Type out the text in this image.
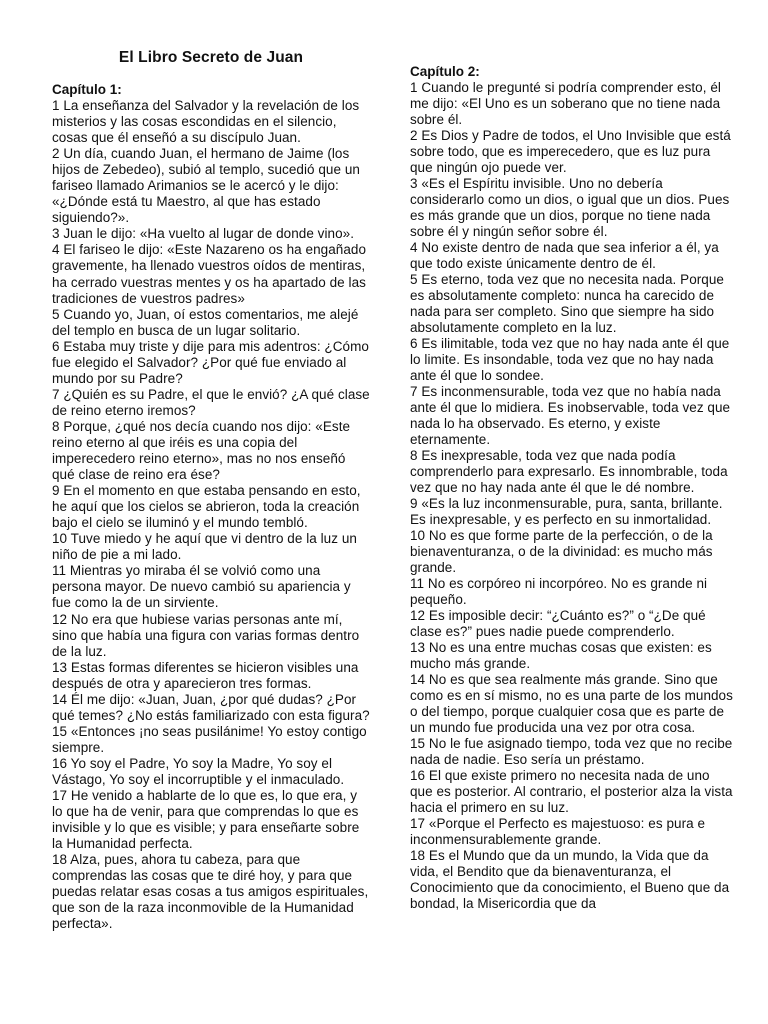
El Libro Secreto de Juan

Capítulo 1:

1 La enseñanza del Salvador y la revelación de los misterios y las cosas escondidas en el silencio, cosas que él enseñó a su discípulo Juan.

2 Un día, cuando Juan, el hermano de Jaime (los hijos de Zebedeo), subió al templo, sucedió que un fariseo llamado Arimanios se le acercó y le dijo: «¿Dónde está tu Maestro, al que has estado siguiendo?».

3 Juan le dijo: «Ha vuelto al lugar de donde vino».

4 El fariseo le dijo: «Este Nazareno os ha engañado gravemente, ha llenado vuestros oídos de mentiras, ha cerrado vuestras mentes y os ha apartado de las tradiciones de vuestros padres»

5 Cuando yo, Juan, oí estos comentarios, me alejé del templo en busca de un lugar solitario.

6 Estaba muy triste y dije para mis adentros: ¿Cómo fue elegido el Salvador? ¿Por qué fue enviado al mundo por su Padre?

7 ¿Quién es su Padre, el que le envió? ¿A qué clase de reino eterno iremos?

8 Porque, ¿qué nos decía cuando nos dijo: «Este reino eterno al que iréis es una copia del imperecedero reino eterno», mas no nos enseñó qué clase de reino era ése?

9 En el momento en que estaba pensando en esto, he aquí que los cielos se abrieron, toda la creación bajo el cielo se iluminó y el mundo tembló.

10 Tuve miedo y he aquí que vi dentro de la luz un niño de pie a mi lado.

11 Mientras yo miraba él se volvió como una persona mayor. De nuevo cambió su apariencia y fue como la de un sirviente.

12 No era que hubiese varias personas ante mí, sino que había una figura con varias formas dentro de la luz.

13 Estas formas diferentes se hicieron visibles una después de otra y aparecieron tres formas.

14 Él me dijo: «Juan, Juan, ¿por qué dudas? ¿Por qué temes? ¿No estás familiarizado con esta figura?

15 «Entonces ¡no seas pusilánime! Yo estoy contigo siempre.

16 Yo soy el Padre, Yo soy la Madre, Yo soy el Vástago, Yo soy el incorruptible y el inmaculado.

17 He venido a hablarte de lo que es, lo que era, y lo que ha de venir, para que comprendas lo que es invisible y lo que es visible; y para enseñarte sobre la Humanidad perfecta.

18 Alza, pues, ahora tu cabeza, para que comprendas las cosas que te diré hoy, y para que puedas relatar esas cosas a tus amigos espirituales, que son de la raza inconmovible de la Humanidad perfecta».

Capítulo 2:

1 Cuando le pregunté si podría comprender esto, él me dijo: «El Uno es un soberano que no tiene nada sobre él.

2 Es Dios y Padre de todos, el Uno Invisible que está sobre todo, que es imperecedero, que es luz pura que ningún ojo puede ver.

3 «Es el Espíritu invisible. Uno no debería considerarlo como un dios, o igual que un dios. Pues es más grande que un dios, porque no tiene nada sobre él y ningún señor sobre él.

4 No existe dentro de nada que sea inferior a él, ya que todo existe únicamente dentro de él.

5 Es eterno, toda vez que no necesita nada. Porque es absolutamente completo: nunca ha carecido de nada para ser completo. Sino que siempre ha sido absolutamente completo en la luz.

6 Es ilimitable, toda vez que no hay nada ante él que lo limite. Es insondable, toda vez que no hay nada ante él que lo sondee.

7 Es inconmensurable, toda vez que no había nada ante él que lo midiera. Es inobservable, toda vez que nada lo ha observado. Es eterno, y existe eternamente.

8 Es inexpresable, toda vez que nada podía comprenderlo para expresarlo. Es innombrable, toda vez que no hay nada ante él que le dé nombre.

9 «Es la luz inconmensurable, pura, santa, brillante. Es inexpresable, y es perfecto en su inmortalidad.

10 No es que forme parte de la perfección, o de la bienaventuranza, o de la divinidad: es mucho más grande.

11 No es corpóreo ni incorpóreo. No es grande ni pequeño.

12 Es imposible decir: “¿Cuánto es?” o “¿De qué clase es?” pues nadie puede comprenderlo.

13 No es una entre muchas cosas que existen: es mucho más grande.

14 No es que sea realmente más grande. Sino que como es en sí mismo, no es una parte de los mundos o del tiempo, porque cualquier cosa que es parte de un mundo fue producida una vez por otra cosa.

15 No le fue asignado tiempo, toda vez que no recibe nada de nadie. Eso sería un préstamo.

16 El que existe primero no necesita nada de uno que es posterior. Al contrario, el posterior alza la vista hacia el primero en su luz.

17 «Porque el Perfecto es majestuoso: es pura e inconmensurablemente grande.

18 Es el Mundo que da un mundo, la Vida que da vida, el Bendito que da bienaventuranza, el Conocimiento que da conocimiento, el Bueno que da bondad, la Misericordia que da
